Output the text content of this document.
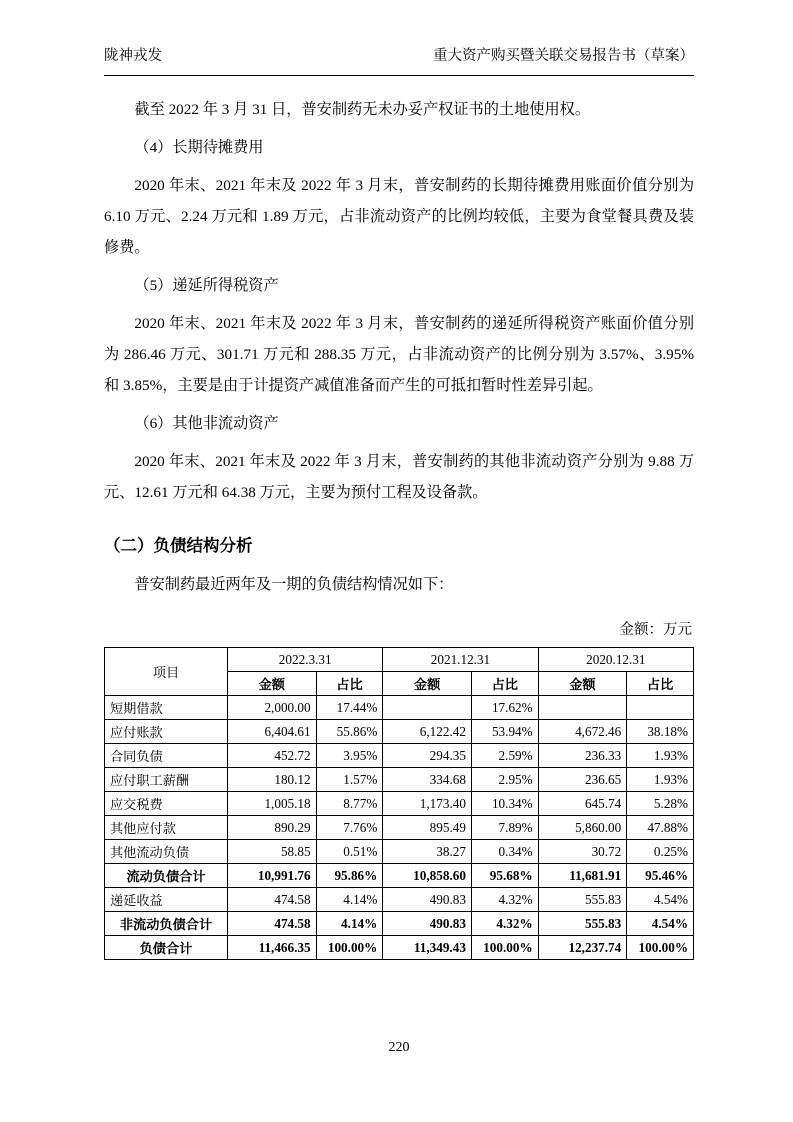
陇神戎发	重大资产购买暨关联交易报告书（草案）

截至 2022 年 3 月 31 日，普安制药无未办妥产权证书的土地使用权。

（4）长期待摊费用

2020 年末、2021 年末及 2022 年 3 月末，普安制药的长期待摊费用账面价值分别为 6.10 万元、2.24 万元和 1.89 万元，占非流动资产的比例均较低，主要为食堂餐具费及装修费。

（5）递延所得税资产

2020 年末、2021 年末及 2022 年 3 月末，普安制药的递延所得税资产账面价值分别为 286.46 万元、301.71 万元和 288.35 万元，占非流动资产的比例分别为 3.57%、3.95%和 3.85%，主要是由于计提资产减值准备而产生的可抵扣暂时性差异引起。

（6）其他非流动资产

2020 年末、2021 年末及 2022 年 3 月末，普安制药的其他非流动资产分别为 9.88 万元、12.61 万元和 64.38 万元，主要为预付工程及设备款。

（二）负债结构分析

普安制药最近两年及一期的负债结构情况如下：

金额：万元
项目	2022.3.31		2021.12.31		2020.12.31	
	金额	占比	金额	占比	金额	占比
短期借款	2,000.00	17.44%		17.62%		
应付账款	6,404.61	55.86%	6,122.42	53.94%	4,672.46	38.18%
合同负债	452.72	3.95%	294.35	2.59%	236.33	1.93%
应付职工薪酬	180.12	1.57%	334.68	2.95%	236.65	1.93%
应交税费	1,005.18	8.77%	1,173.40	10.34%	645.74	5.28%
其他应付款	890.29	7.76%	895.49	7.89%	5,860.00	47.88%
其他流动负债	58.85	0.51%	38.27	0.34%	30.72	0.25%
流动负债合计	10,991.76	95.86%	10,858.60	95.68%	11,681.91	95.46%
递延收益	474.58	4.14%	490.83	4.32%	555.83	4.54%
非流动负债合计	474.58	4.14%	490.83	4.32%	555.83	4.54%
负债合计	11,466.35	100.00%	11,349.43	100.00%	12,237.74	100.00%
220
